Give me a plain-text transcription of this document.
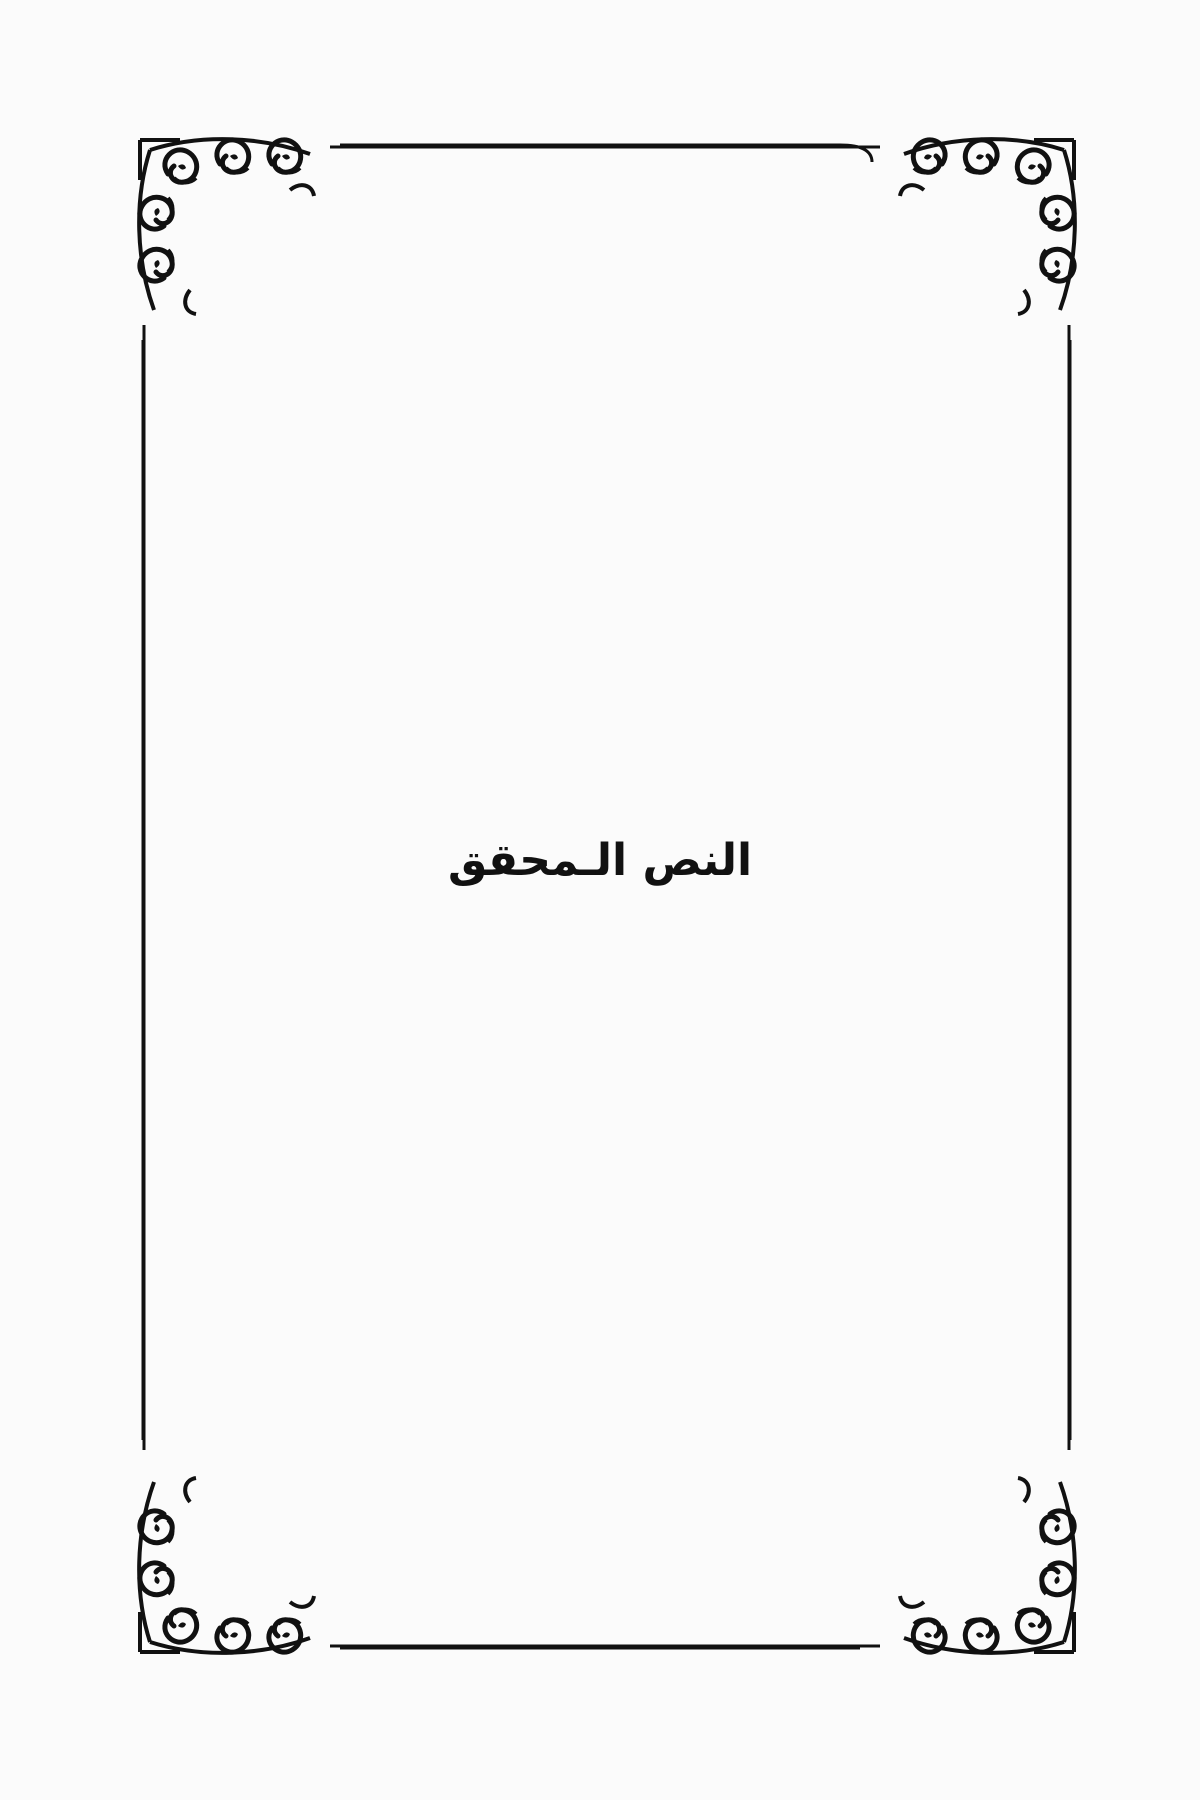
النص الـمحقق
